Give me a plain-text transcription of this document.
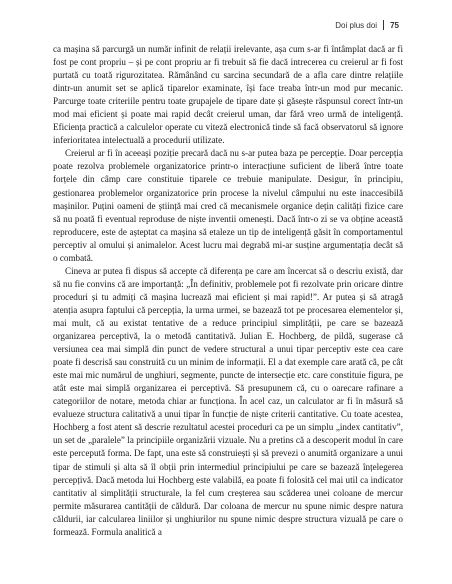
Doi plus doi 75

ca mașina să parcurgă un număr infinit de relații irelevante, așa cum s-ar fi întâmplat dacă ar fi fost pe cont propriu – și pe cont propriu ar fi trebuit să fie dacă intrecerea cu creierul ar fi fost purtată cu toată rigurozitatea. Rămânând cu sarcina secundară de a afla care dintre relațiile dintr-un anumit set se aplică tiparelor examinate, își face treaba într-un mod pur mecanic. Parcurge toate criteriile pentru toate grupajele de tipare date și găsește răspunsul corect într-un mod mai eficient și poate mai rapid decât creierul uman, dar fără vreo urmă de inteligență. Eficiența practică a calculelor operate cu viteză electronică tinde să facă observatorul să ignore inferioritatea intelectuală a procedurii utilizate.

Creierul ar fi în aceeași poziție precară dacă nu s-ar putea baza pe percepție. Doar percepția poate rezolva problemele organizatorice printr-o interacțiune suficient de liberă între toate forțele din câmp care constituie tiparele ce trebuie manipulate. Desigur, în principiu, gestionarea problemelor organizatorice prin procese la nivelul câmpului nu este inaccesibilă mașinilor. Puțini oameni de știință mai cred că mecanismele organice dețin calități fizice care să nu poată fi eventual reproduse de niște inventii omenești. Dacă într-o zi se va obține această reproducere, este de așteptat ca mașina să etaleze un tip de inteligență găsit în comportamentul perceptiv al omului și animalelor. Acest lucru mai degrabă mi-ar susține argumentația decât să o combată.

Cineva ar putea fi dispus să accepte că diferența pe care am încercat să o descriu există, dar să nu fie convins că are importanță: „În definitiv, problemele pot fi rezolvate prin oricare dintre proceduri și tu admiți că mașina lucrează mai eficient și mai rapid!”. Ar putea și să atragă atenția asupra faptului că percepția, la urma urmei, se bazează tot pe procesarea elementelor și, mai mult, că au existat tentative de a reduce principiul simplității, pe care se bazează organizarea perceptivă, la o metodă cantitativă. Julian E. Hochberg, de pildă, sugerase că versiunea cea mai simplă din punct de vedere structural a unui tipar perceptiv este cea care poate fi descrisă sau construită cu un minim de informații. El a dat exemple care arată că, pe cât este mai mic numărul de unghiuri, segmente, puncte de intersecție etc. care constituie figura, pe atât este mai simplă organizarea ei perceptivă. Să presupunem că, cu o oarecare rafinare a categoriilor de notare, metoda chiar ar funcționa. În acel caz, un calculator ar fi în măsură să evalueze structura calitativă a unui tipar în funcție de niște criterii cantitative. Cu toate acestea, Hochberg a fost atent să descrie rezultatul acestei proceduri ca pe un simplu „index cantitativ”, un set de „paralele” la principiile organizării vizuale. Nu a pretins că a descoperit modul în care este percepută forma. De fapt, una este să construiești și să prevezi o anumită organizare a unui tipar de stimuli și alta să îl obții prin intermediul principiului pe care se bazează înțelegerea percepțivă. Dacă metoda lui Hochberg este valabilă, ea poate fi folosită cel mai util ca indicator cantitativ al simplității structurale, la fel cum creșterea sau scăderea unei coloane de mercur permite măsurarea cantității de căldură. Dar coloana de mercur nu spune nimic despre natura căldurii, iar calcularea liniilor și unghiurilor nu spune nimic despre structura vizuală pe care o formează. Formula analitică a
